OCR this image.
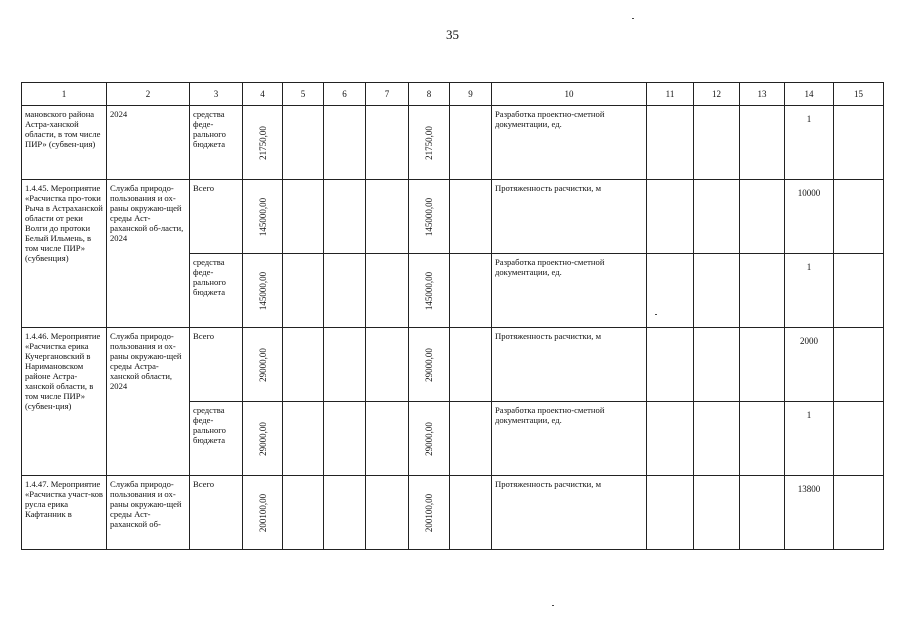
35
1	2	3	4	5	6	7	8	9	10	11	12	13	14	15

мановского района Астра-ханской области, в том числе ПИР» (субвен-ция)	2024	средства феде-рального бюджета	21750,00				21750,00		Разработка проектно-сметной документации, ед.				1	

1.4.45. Мероприятие «Расчистка про-токи Рыча в Астраханской области от реки Волги до протоки Белый Ильмень, в том числе ПИР» (субвенция)	Служба природо-пользования и ох-раны окружаю-щей среды Аст-раханской об-ласти, 2024	Всего	145000,00				145000,00		Протяженность расчистки, м				10000	

		средства феде-рального бюджета	145000,00				145000,00		Разработка проектно-сметной документации, ед.				1	

1.4.46. Мероприятие «Расчистка ерика Кучергановский в Наримановском районе Астра-ханской области, в том числе ПИР» (субвен-ция)	Служба природо-пользования и ох-раны окружаю-щей среды Астра-ханской области, 2024	Всего	29000,00				29000,00		Протяженность расчистки, м				2000	

		средства феде-рального бюджета	29000,00				29000,00		Разработка проектно-сметной документации, ед.				1	

1.4.47. Мероприятие «Расчистка участ-ков русла ерика Кафтанник в	Служба природо-пользования и ох-раны окружаю-щей среды Аст-раханской об-	Всего	200100,00				200100,00		Протяженность расчистки, м				13800	
